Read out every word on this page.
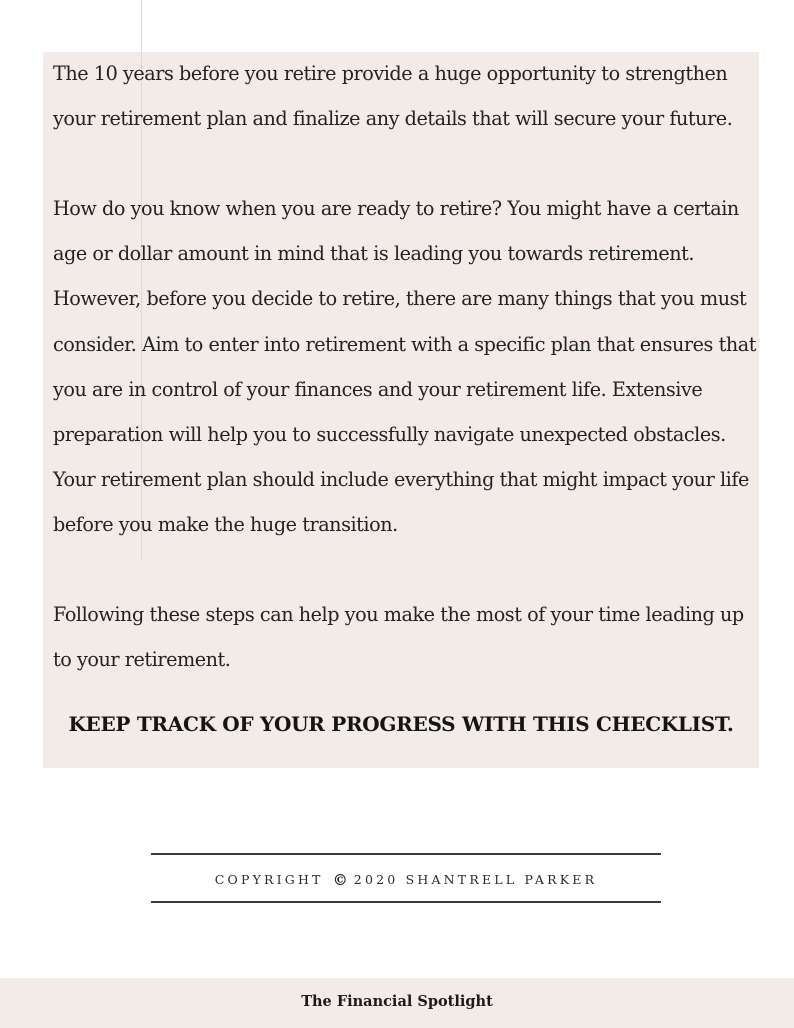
The 10 years before you retire provide a huge opportunity to strengthen your retirement plan and finalize any details that will secure your future.

How do you know when you are ready to retire? You might have a certain age or dollar amount in mind that is leading you towards retirement. However, before you decide to retire, there are many things that you must consider. Aim to enter into retirement with a specific plan that ensures that you are in control of your finances and your retirement life. Extensive preparation will help you to successfully navigate unexpected obstacles. Your retirement plan should include everything that might impact your life before you make the huge transition.

Following these steps can help you make the most of your time leading up to your retirement.

KEEP TRACK OF YOUR PROGRESS WITH THIS CHECKLIST.

COPYRIGHT © 2020 SHANTRELL PARKER
The Financial Spotlight
